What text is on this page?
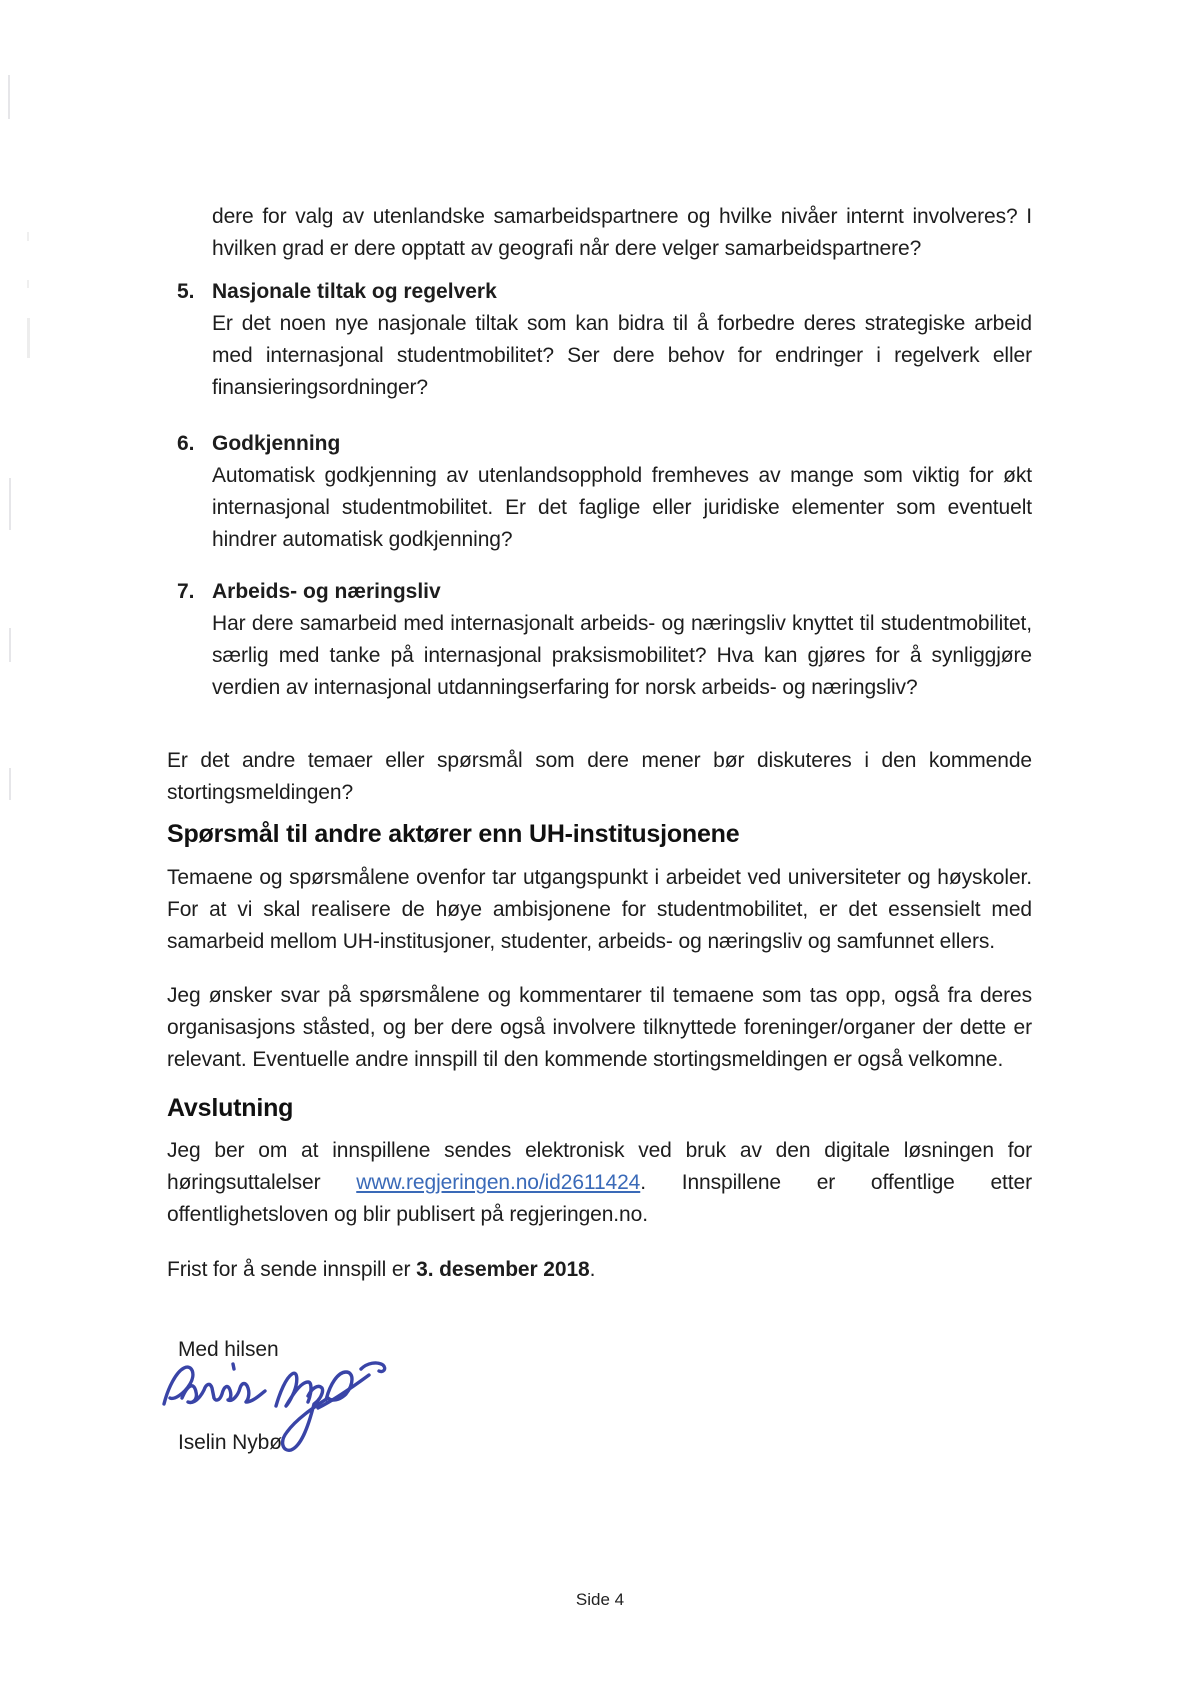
dere for valg av utenlandske samarbeidspartnere og hvilke nivåer internt involveres? I hvilken grad er dere opptatt av geografi når dere velger samarbeidspartnere?

5. Nasjonale tiltak og regelverk
Er det noen nye nasjonale tiltak som kan bidra til å forbedre deres strategiske arbeid med internasjonal studentmobilitet? Ser dere behov for endringer i regelverk eller finansieringsordninger?
6. Godkjenning
Automatisk godkjenning av utenlandsopphold fremheves av mange som viktig for økt internasjonal studentmobilitet. Er det faglige eller juridiske elementer som eventuelt hindrer automatisk godkjenning?
7. Arbeids- og næringsliv
Har dere samarbeid med internasjonalt arbeids- og næringsliv knyttet til studentmobilitet, særlig med tanke på internasjonal praksismobilitet? Hva kan gjøres for å synliggjøre verdien av internasjonal utdanningserfaring for norsk arbeids- og næringsliv?

Er det andre temaer eller spørsmål som dere mener bør diskuteres i den kommende stortingsmeldingen?

Spørsmål til andre aktører enn UH-institusjonene

Temaene og spørsmålene ovenfor tar utgangspunkt i arbeidet ved universiteter og høyskoler. For at vi skal realisere de høye ambisjonene for studentmobilitet, er det essensielt med samarbeid mellom UH-institusjoner, studenter, arbeids- og næringsliv og samfunnet ellers.

Jeg ønsker svar på spørsmålene og kommentarer til temaene som tas opp, også fra deres organisasjons ståsted, og ber dere også involvere tilknyttede foreninger/organer der dette er relevant. Eventuelle andre innspill til den kommende stortingsmeldingen er også velkomne.

Avslutning

Jeg ber om at innspillene sendes elektronisk ved bruk av den digitale løsningen for høringsuttalelser www.regjeringen.no/id2611424. Innspillene er offentlige etter offentlighetsloven og blir publisert på regjeringen.no.

Frist for å sende innspill er 3. desember 2018.

Med hilsen

Iselin Nybø

Side 4
